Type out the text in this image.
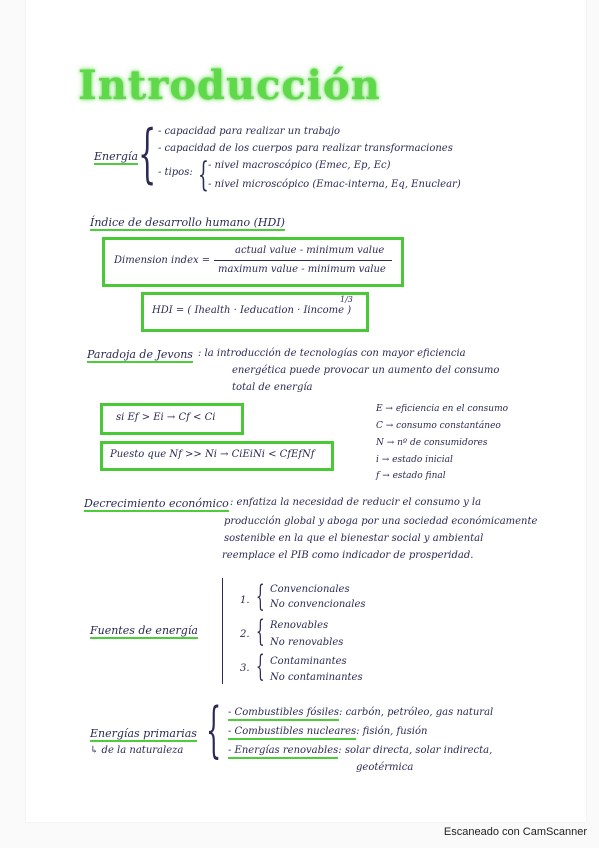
Introducción
Energía { - capacidad para realizar un trabajo
- capacidad de los cuerpos para realizar transformaciones
- tipos: { - nivel macroscópico (Emec, Ep, Ec)
- nivel microscópico (Emac-interna, Eq, Enuclear)
Índice de desarrollo humano (HDI)
Dimension index =
actual value - minimum value
maximum value - minimum value
HDI = ( Ihealth · Ieducation · Iincome )
1/3
Paradoja de Jevons : la introducción de tecnologías con mayor eficiencia
energética puede provocar un aumento del consumo
total de energía
si Ef > Ei → Cf < Ci
Puesto que Nf >> Ni → CiEiNi < CfEfNf
E → eficiencia en el consumo
C → consumo constantáneo
N → nº de consumidores
i → estado inicial
f → estado final
Decrecimiento económico : enfatiza la necesidad de reducir el consumo y la
producción global y aboga por una sociedad económicamente
sostenible en la que el bienestar social y ambiental
reemplace el PIB como indicador de prosperidad.
Fuentes de energía
1. { Convencionales
No convencionales
2. { Renovables
No renovables
3. { Contaminantes
No contaminantes
Energías primarias
↳ de la naturaleza { - Combustibles fósiles: carbón, petróleo, gas natural
- Combustibles nucleares: fisión, fusión
- Energías renovables: solar directa, solar indirecta,
geotérmica
Escaneado con CamScanner
